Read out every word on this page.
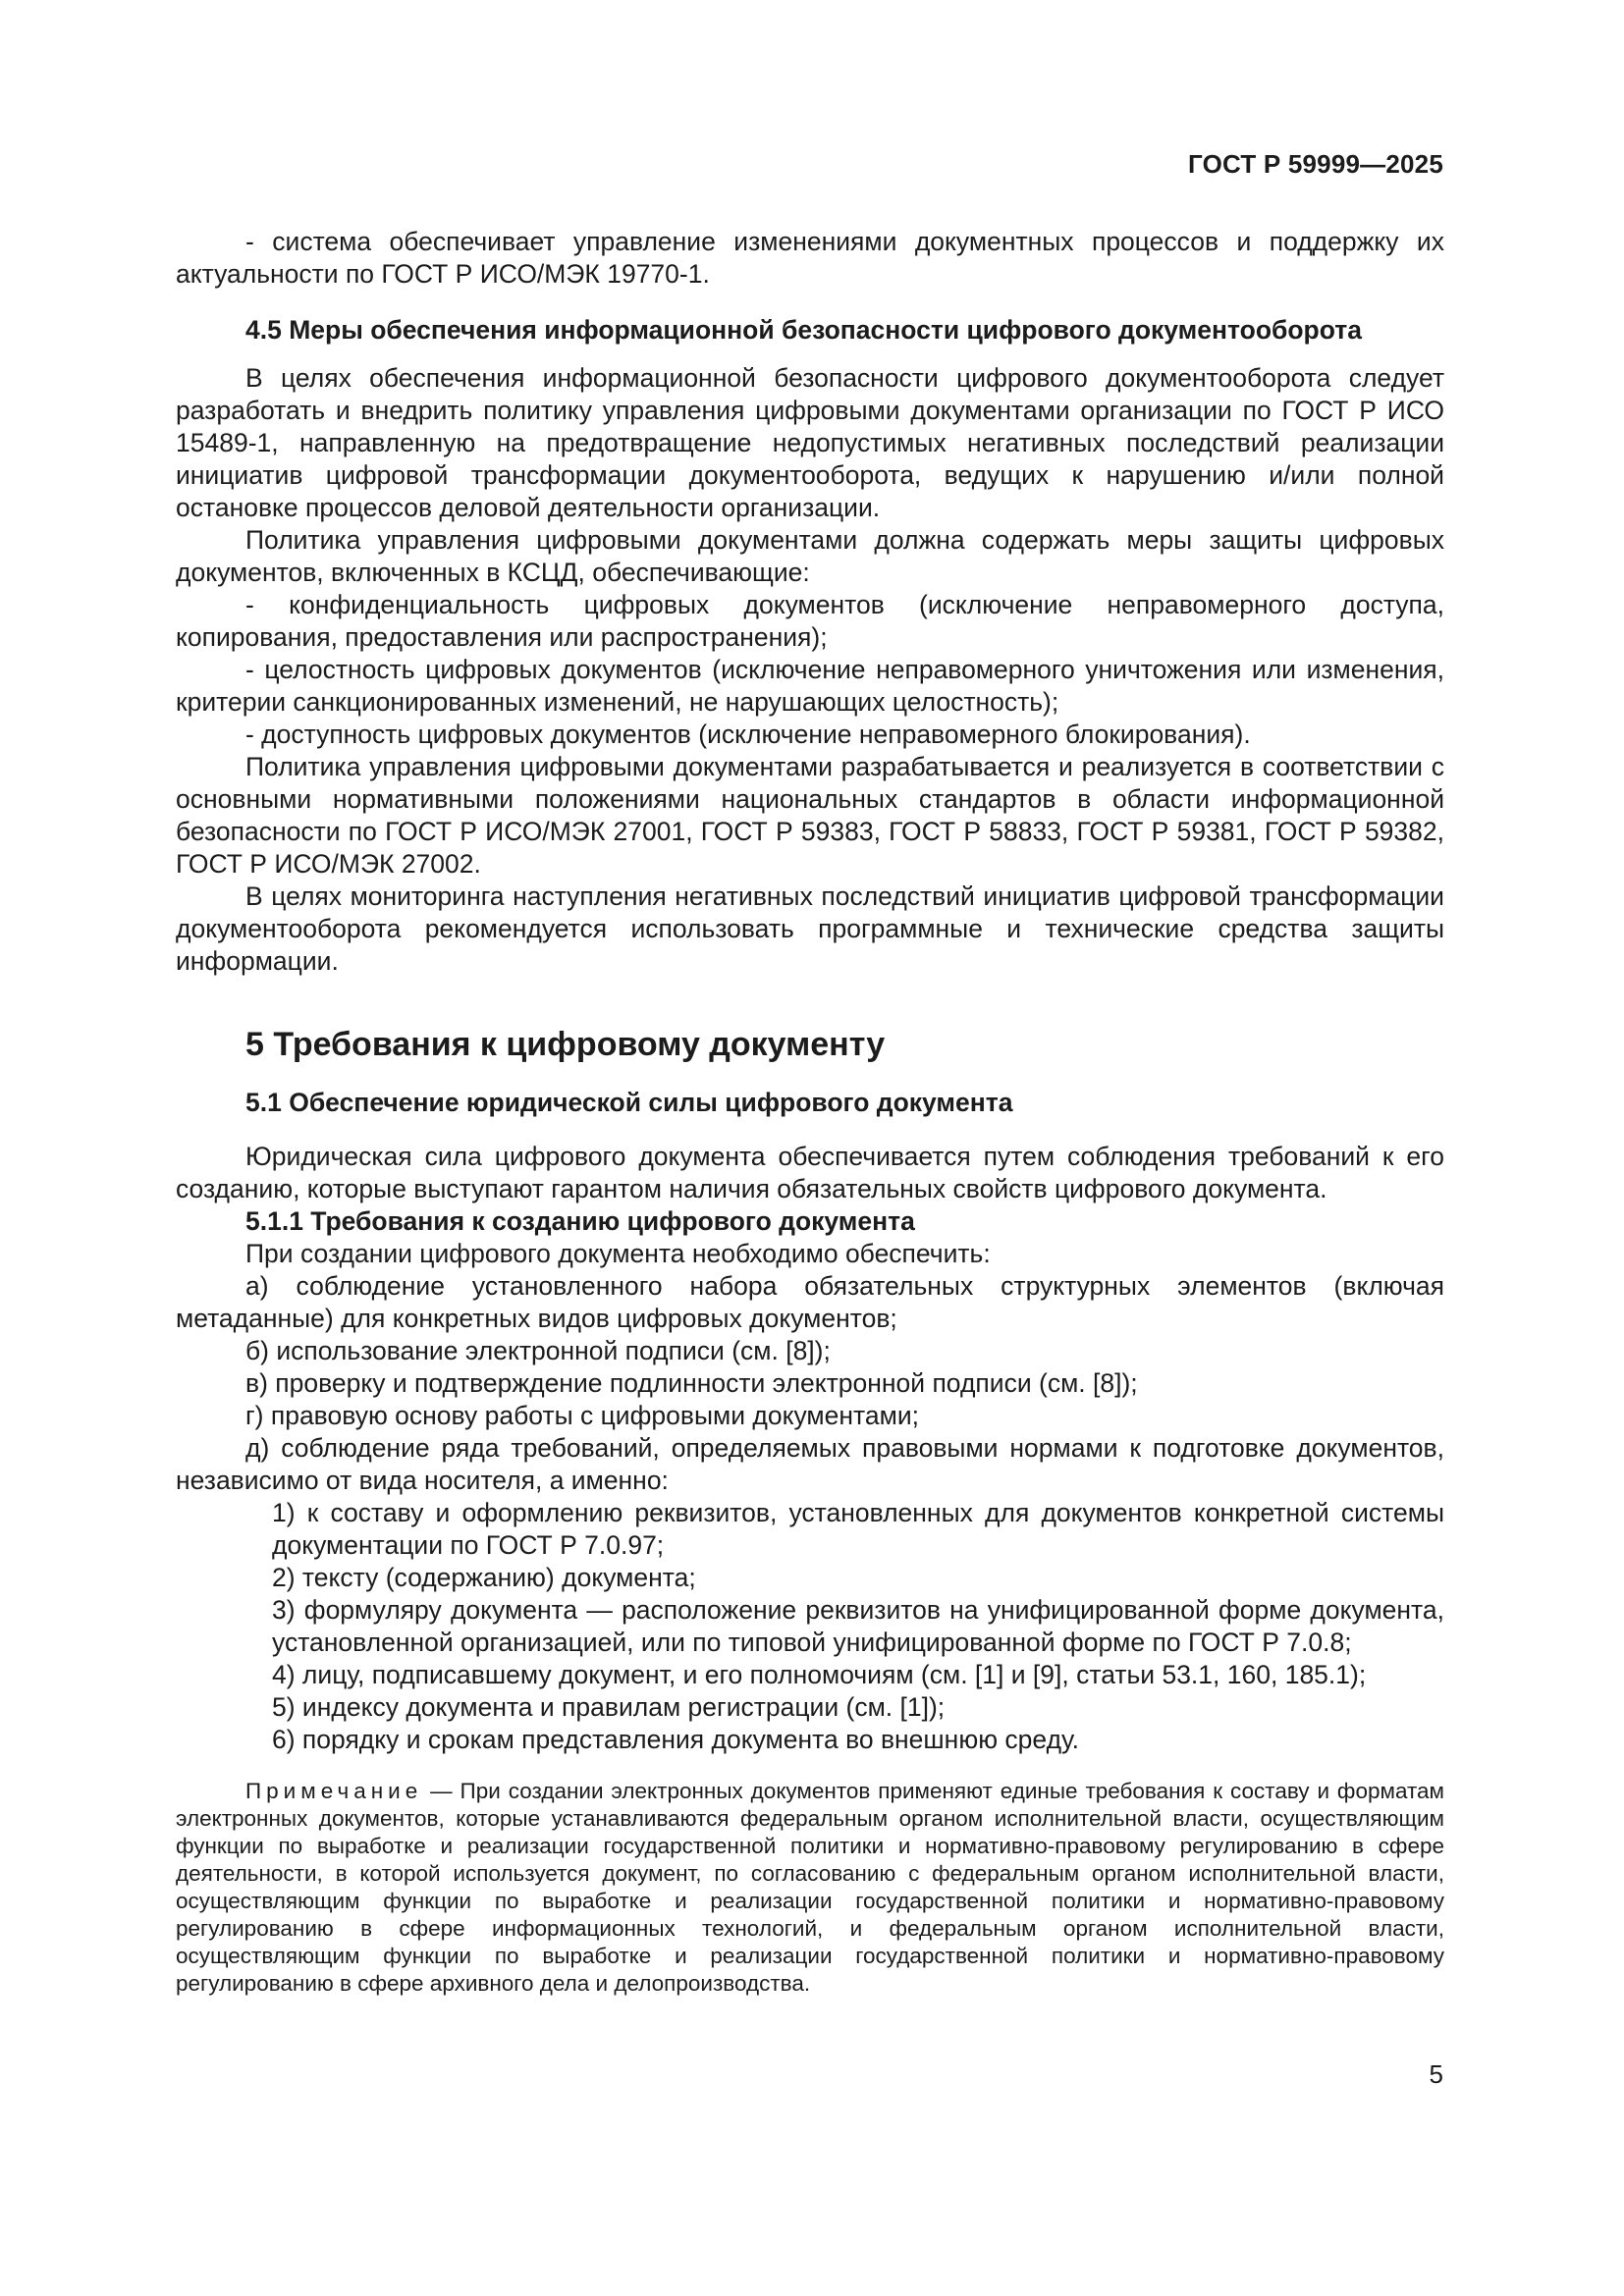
ГОСТ Р 59999—2025

- система обеспечивает управление изменениями документных процессов и поддержку их актуальности по ГОСТ Р ИСО/МЭК 19770-1.

4.5 Меры обеспечения информационной безопасности цифрового документооборота

В целях обеспечения информационной безопасности цифрового документооборота следует разработать и внедрить политику управления цифровыми документами организации по ГОСТ Р ИСО 15489-1, направленную на предотвращение недопустимых негативных последствий реализации инициатив цифровой трансформации документооборота, ведущих к нарушению и/или полной остановке процессов деловой деятельности организации.

Политика управления цифровыми документами должна содержать меры защиты цифровых документов, включенных в КСЦД, обеспечивающие:

- конфиденциальность цифровых документов (исключение неправомерного доступа, копирования, предоставления или распространения);

- целостность цифровых документов (исключение неправомерного уничтожения или изменения, критерии санкционированных изменений, не нарушающих целостность);

- доступность цифровых документов (исключение неправомерного блокирования).

Политика управления цифровыми документами разрабатывается и реализуется в соответствии с основными нормативными положениями национальных стандартов в области информационной безопасности по ГОСТ Р ИСО/МЭК 27001, ГОСТ Р 59383, ГОСТ Р 58833, ГОСТ Р 59381, ГОСТ Р 59382, ГОСТ Р ИСО/МЭК 27002.

В целях мониторинга наступления негативных последствий инициатив цифровой трансформации документооборота рекомендуется использовать программные и технические средства защиты информации.

5 Требования к цифровому документу
5.1 Обеспечение юридической силы цифрового документа

Юридическая сила цифрового документа обеспечивается путем соблюдения требований к его созданию, которые выступают гарантом наличия обязательных свойств цифрового документа.

5.1.1 Требования к созданию цифрового документа

При создании цифрового документа необходимо обеспечить:

а) соблюдение установленного набора обязательных структурных элементов (включая метаданные) для конкретных видов цифровых документов;

б) использование электронной подписи (см. [8]);

в) проверку и подтверждение подлинности электронной подписи (см. [8]);

г) правовую основу работы с цифровыми документами;

д) соблюдение ряда требований, определяемых правовыми нормами к подготовке документов, независимо от вида носителя, а именно:

1) к составу и оформлению реквизитов, установленных для документов конкретной системы документации по ГОСТ Р 7.0.97;

2) тексту (содержанию) документа;

3) формуляру документа — расположение реквизитов на унифицированной форме документа, установленной организацией, или по типовой унифицированной форме по ГОСТ Р 7.0.8;

4) лицу, подписавшему документ, и его полномочиям (см. [1] и [9], статьи 53.1, 160, 185.1);

5) индексу документа и правилам регистрации (см. [1]);

6) порядку и срокам представления документа во внешнюю среду.

Примечание — При создании электронных документов применяют единые требования к составу и форматам электронных документов, которые устанавливаются федеральным органом исполнительной власти, осуществляющим функции по выработке и реализации государственной политики и нормативно-правовому регулированию в сфере деятельности, в которой используется документ, по согласованию с федеральным органом исполнительной власти, осуществляющим функции по выработке и реализации государственной политики и нормативно-правовому регулированию в сфере информационных технологий, и федеральным органом исполнительной власти, осуществляющим функции по выработке и реализации государственной политики и нормативно-правовому регулированию в сфере архивного дела и делопроизводства.

5
